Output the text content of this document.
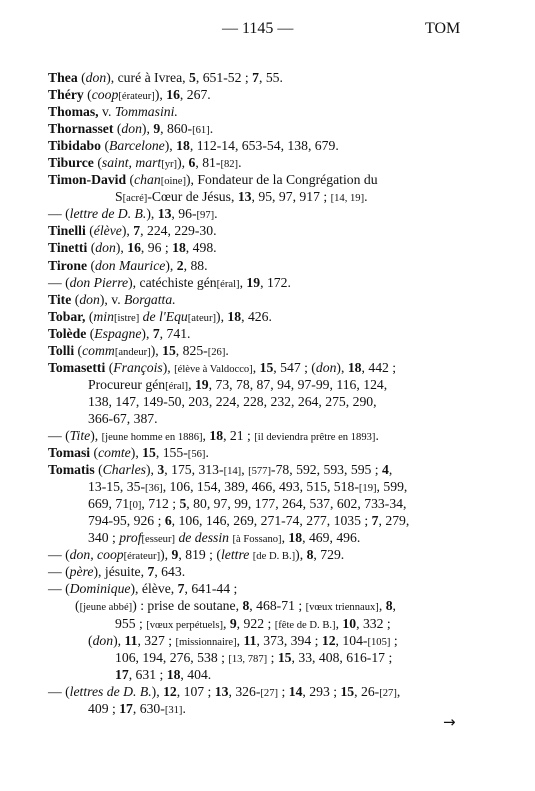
— 1145 —	TOM
Thea (don), curé à Ivrea, 5, 651-52 ; 7, 55.
Théry (coop[érateur]), 16, 267.
Thomas, v. Tommasini.
Thornasset (don), 9, 860-[61].
Tibidabo (Barcelone), 18, 112-14, 653-54, 138, 679.
Tiburce (saint, mart[yr]), 6, 81-[82].
Timon-David (chan[oine]), Fondateur de la Congrégation du
S[acré]-Cœur de Jésus, 13, 95, 97, 917 ; [14, 19].
— (lettre de D. B.), 13, 96-[97].
Tinelli (élève), 7, 224, 229-30.
Tinetti (don), 16, 96 ; 18, 498.
Tirone (don Maurice), 2, 88.
— (don Pierre), catéchiste gén[éral], 19, 172.
Tite (don), v. Borgatta.
Tobar, (min[istre] de l'Equ[ateur]), 18, 426.
Tolède (Espagne), 7, 741.
Tolli (comm[andeur]), 15, 825-[26].
Tomasetti (François), [élève à Valdocco], 15, 547 ; (don), 18, 442 ;
Procureur gén[éral], 19, 73, 78, 87, 94, 97-99, 116, 124,
138, 147, 149-50, 203, 224, 228, 232, 264, 275, 290,
366-67, 387.
— (Tite), [jeune homme en 1886], 18, 21 ; [il deviendra prêtre en 1893].
Tomasi (comte), 15, 155-[56].
Tomatis (Charles), 3, 175, 313-[14], [577]-78, 592, 593, 595 ; 4,
13-15, 35-[36], 106, 154, 389, 466, 493, 515, 518-[19], 599,
669, 71[0], 712 ; 5, 80, 97, 99, 177, 264, 537, 602, 733-34,
794-95, 926 ; 6, 106, 146, 269, 271-74, 277, 1035 ; 7, 279,
340 ; prof[esseur] de dessin [à Fossano], 18, 469, 496.
— (don, coop[érateur]), 9, 819 ; (lettre [de D. B.]), 8, 729.
— (père), jésuite, 7, 643.
— (Dominique), élève, 7, 641-44 ;
([jeune abbé]) : prise de soutane, 8, 468-71 ; [vœux triennaux], 8,
955 ; [vœux perpétuels], 9, 922 ; [fête de D. B.], 10, 332 ;
(don), 11, 327 ; [missionnaire], 11, 373, 394 ; 12, 104-[105] ;
106, 194, 276, 538 ; [13, 787] ; 15, 33, 408, 616-17 ;
17, 631 ; 18, 404.
— (lettres de D. B.), 12, 107 ; 13, 326-[27] ; 14, 293 ; 15, 26-[27],
409 ; 17, 630-[31].
→
